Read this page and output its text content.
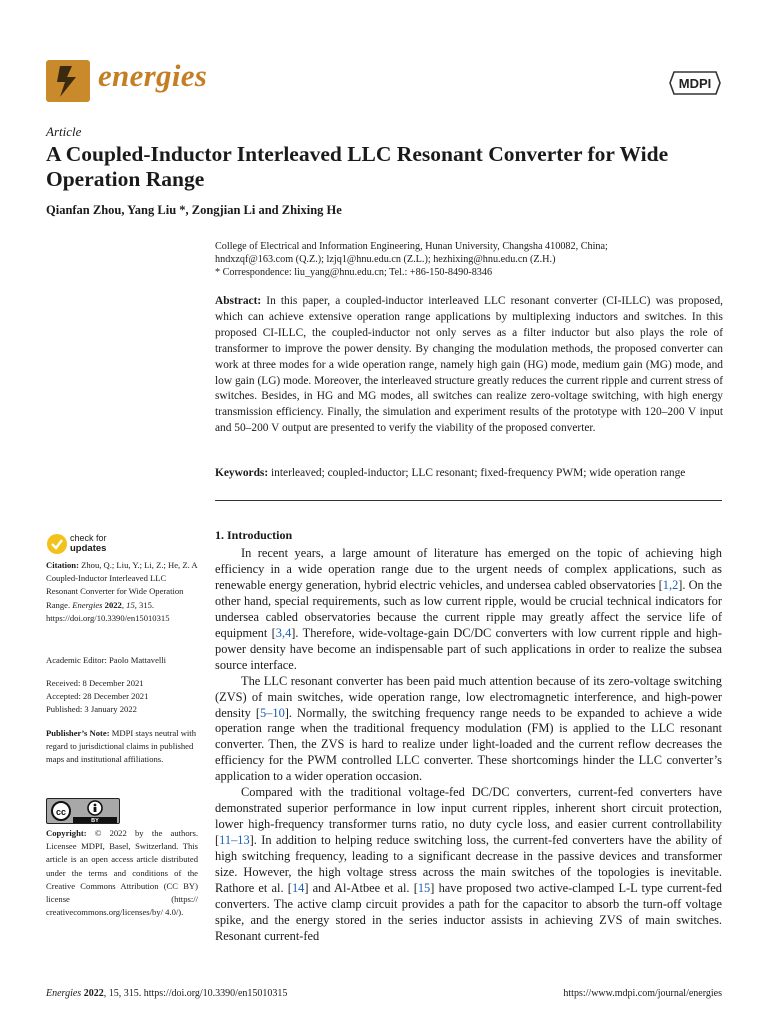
energies	MDPI
Article
A Coupled-Inductor Interleaved LLC Resonant Converter for Wide Operation Range
Qianfan Zhou, Yang Liu *, Zongjian Li and Zhixing He
College of Electrical and Information Engineering, Hunan University, Changsha 410082, China;
hndxzqf@163.com (Q.Z.); lzjq1@hnu.edu.cn (Z.L.); hezhixing@hnu.edu.cn (Z.H.)
* Correspondence: liu_yang@hnu.edu.cn; Tel.: +86-150-8490-8346
Abstract: In this paper, a coupled-inductor interleaved LLC resonant converter (CI-ILLC) was proposed, which can achieve extensive operation range applications by multiplexing inductors and switches. In this proposed CI-ILLC, the coupled-inductor not only serves as a filter inductor but also plays the role of transformer to improve the power density. By changing the modulation methods, the proposed converter can work at three modes for a wide operation range, namely high gain (HG) mode, medium gain (MG) mode, and low gain (LG) mode. Moreover, the interleaved structure greatly reduces the current ripple and current stress of switches. Besides, in HG and MG modes, all switches can realize zero-voltage switching, with high energy transmission efficiency. Finally, the simulation and experiment results of the prototype with 120–200 V input and 50–200 V output are presented to verify the viability of the proposed converter.
Keywords: interleaved; coupled-inductor; LLC resonant; fixed-frequency PWM; wide operation range
1. Introduction

In recent years, a large amount of literature has emerged on the topic of achieving high efficiency in a wide operation range due to the urgent needs of complex applications, such as renewable energy generation, hybrid electric vehicles, and undersea cabled observatories [1,2]. On the other hand, special requirements, such as low current ripple, would be crucial technical indicators for undersea cabled observatories because the current ripple may greatly affect the service life of equipment [3,4]. Therefore, wide-voltage-gain DC/DC converters with low current ripple and high-power density have become an indispensable part of such applications in order to realize the subsea source interface.

The LLC resonant converter has been paid much attention because of its zero-voltage switching (ZVS) of main switches, wide operation range, low electromagnetic interference, and high-power density [5–10]. Normally, the switching frequency range needs to be expanded to achieve a wide operation range when the traditional frequency modulation (FM) is applied to the LLC resonant converter. Then, the ZVS is hard to realize under light-loaded and the current reflow decreases the efficiency for the PWM controlled LLC converter. These shortcomings hinder the LLC converter’s application to a wider operation occasion.

Compared with the traditional voltage-fed DC/DC converters, current-fed converters have demonstrated superior performance in low input current ripples, inherent short circuit protection, lower high-frequency transformer turns ratio, no duty cycle loss, and easier current controllability [11–13]. In addition to helping reduce switching loss, the current-fed converters have the ability of high switching frequency, leading to a significant decrease in the passive devices and transformer size. However, the high voltage stress across the main switches of the topologies is inevitable. Rathore et al. [14] and Al-Atbee et al. [15] have proposed two active-clamped L-L type current-fed converters. The active clamp circuit provides a path for the capacitor to absorb the turn-off voltage spike, and the energy stored in the series inductor assists in achieving ZVS of main switches. Resonant current-fed

check for
updates
Citation: Zhou, Q.; Liu, Y.; Li, Z.; He, Z. A Coupled-Inductor Interleaved LLC Resonant Converter for Wide Operation Range. Energies 2022, 15, 315. https://doi.org/10.3390/en15010315
Academic Editor: Paolo Mattavelli
Received: 8 December 2021
Accepted: 28 December 2021
Published: 3 January 2022
Publisher’s Note: MDPI stays neutral with regard to jurisdictional claims in published maps and institutional affiliations.
cc
BY
Copyright: © 2022 by the authors. Licensee MDPI, Basel, Switzerland. This article is an open access article distributed under the terms and conditions of the Creative Commons Attribution (CC BY) license (https:// creativecommons.org/licenses/by/ 4.0/).
Energies 2022, 15, 315. https://doi.org/10.3390/en15010315	https://www.mdpi.com/journal/energies
